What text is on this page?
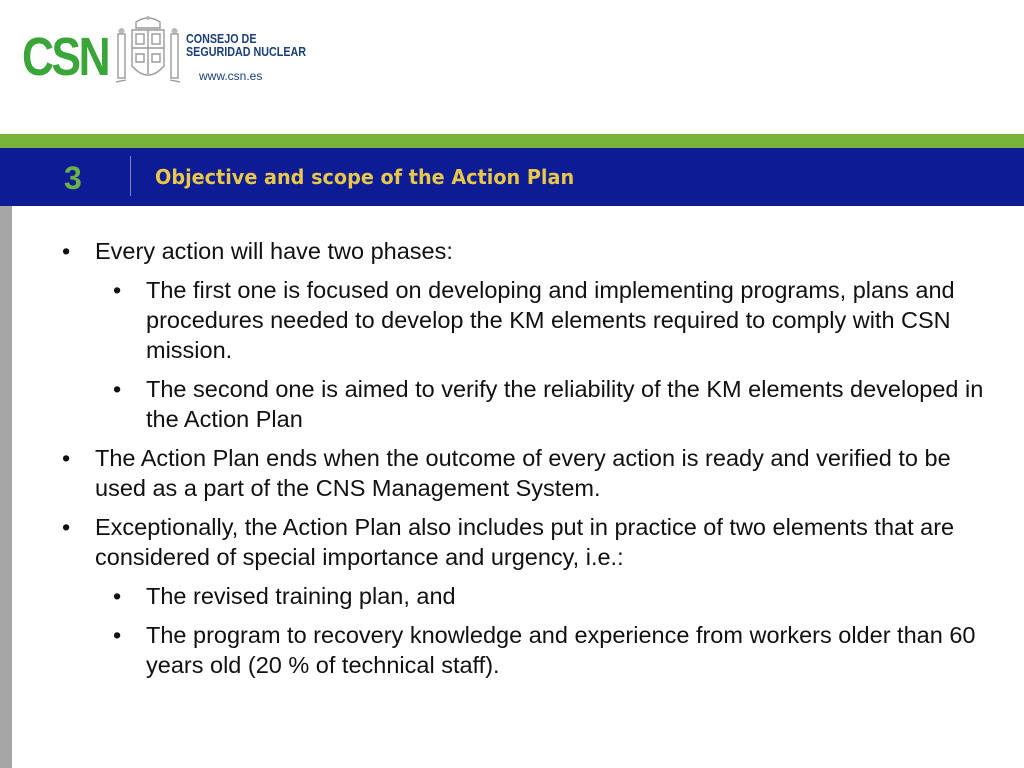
CSN	CONSEJO DE
SEGURIDAD NUCLEAR
www.csn.es
3	Objective and scope of the Action Plan
• Every action will have two phases:
• The first one is focused on developing and implementing programs, plans and procedures needed to develop the KM elements required to comply with CSN mission.
• The second one is aimed to verify the reliability of the KM elements developed in the Action Plan
• The Action Plan ends when the outcome of every action is ready and verified to be used as a part of the CNS Management System.
• Exceptionally, the Action Plan also includes put in practice of two elements that are considered of special importance and urgency, i.e.:
• The revised training plan, and
• The program to recovery knowledge and experience from workers older than 60 years old (20 % of technical staff).
